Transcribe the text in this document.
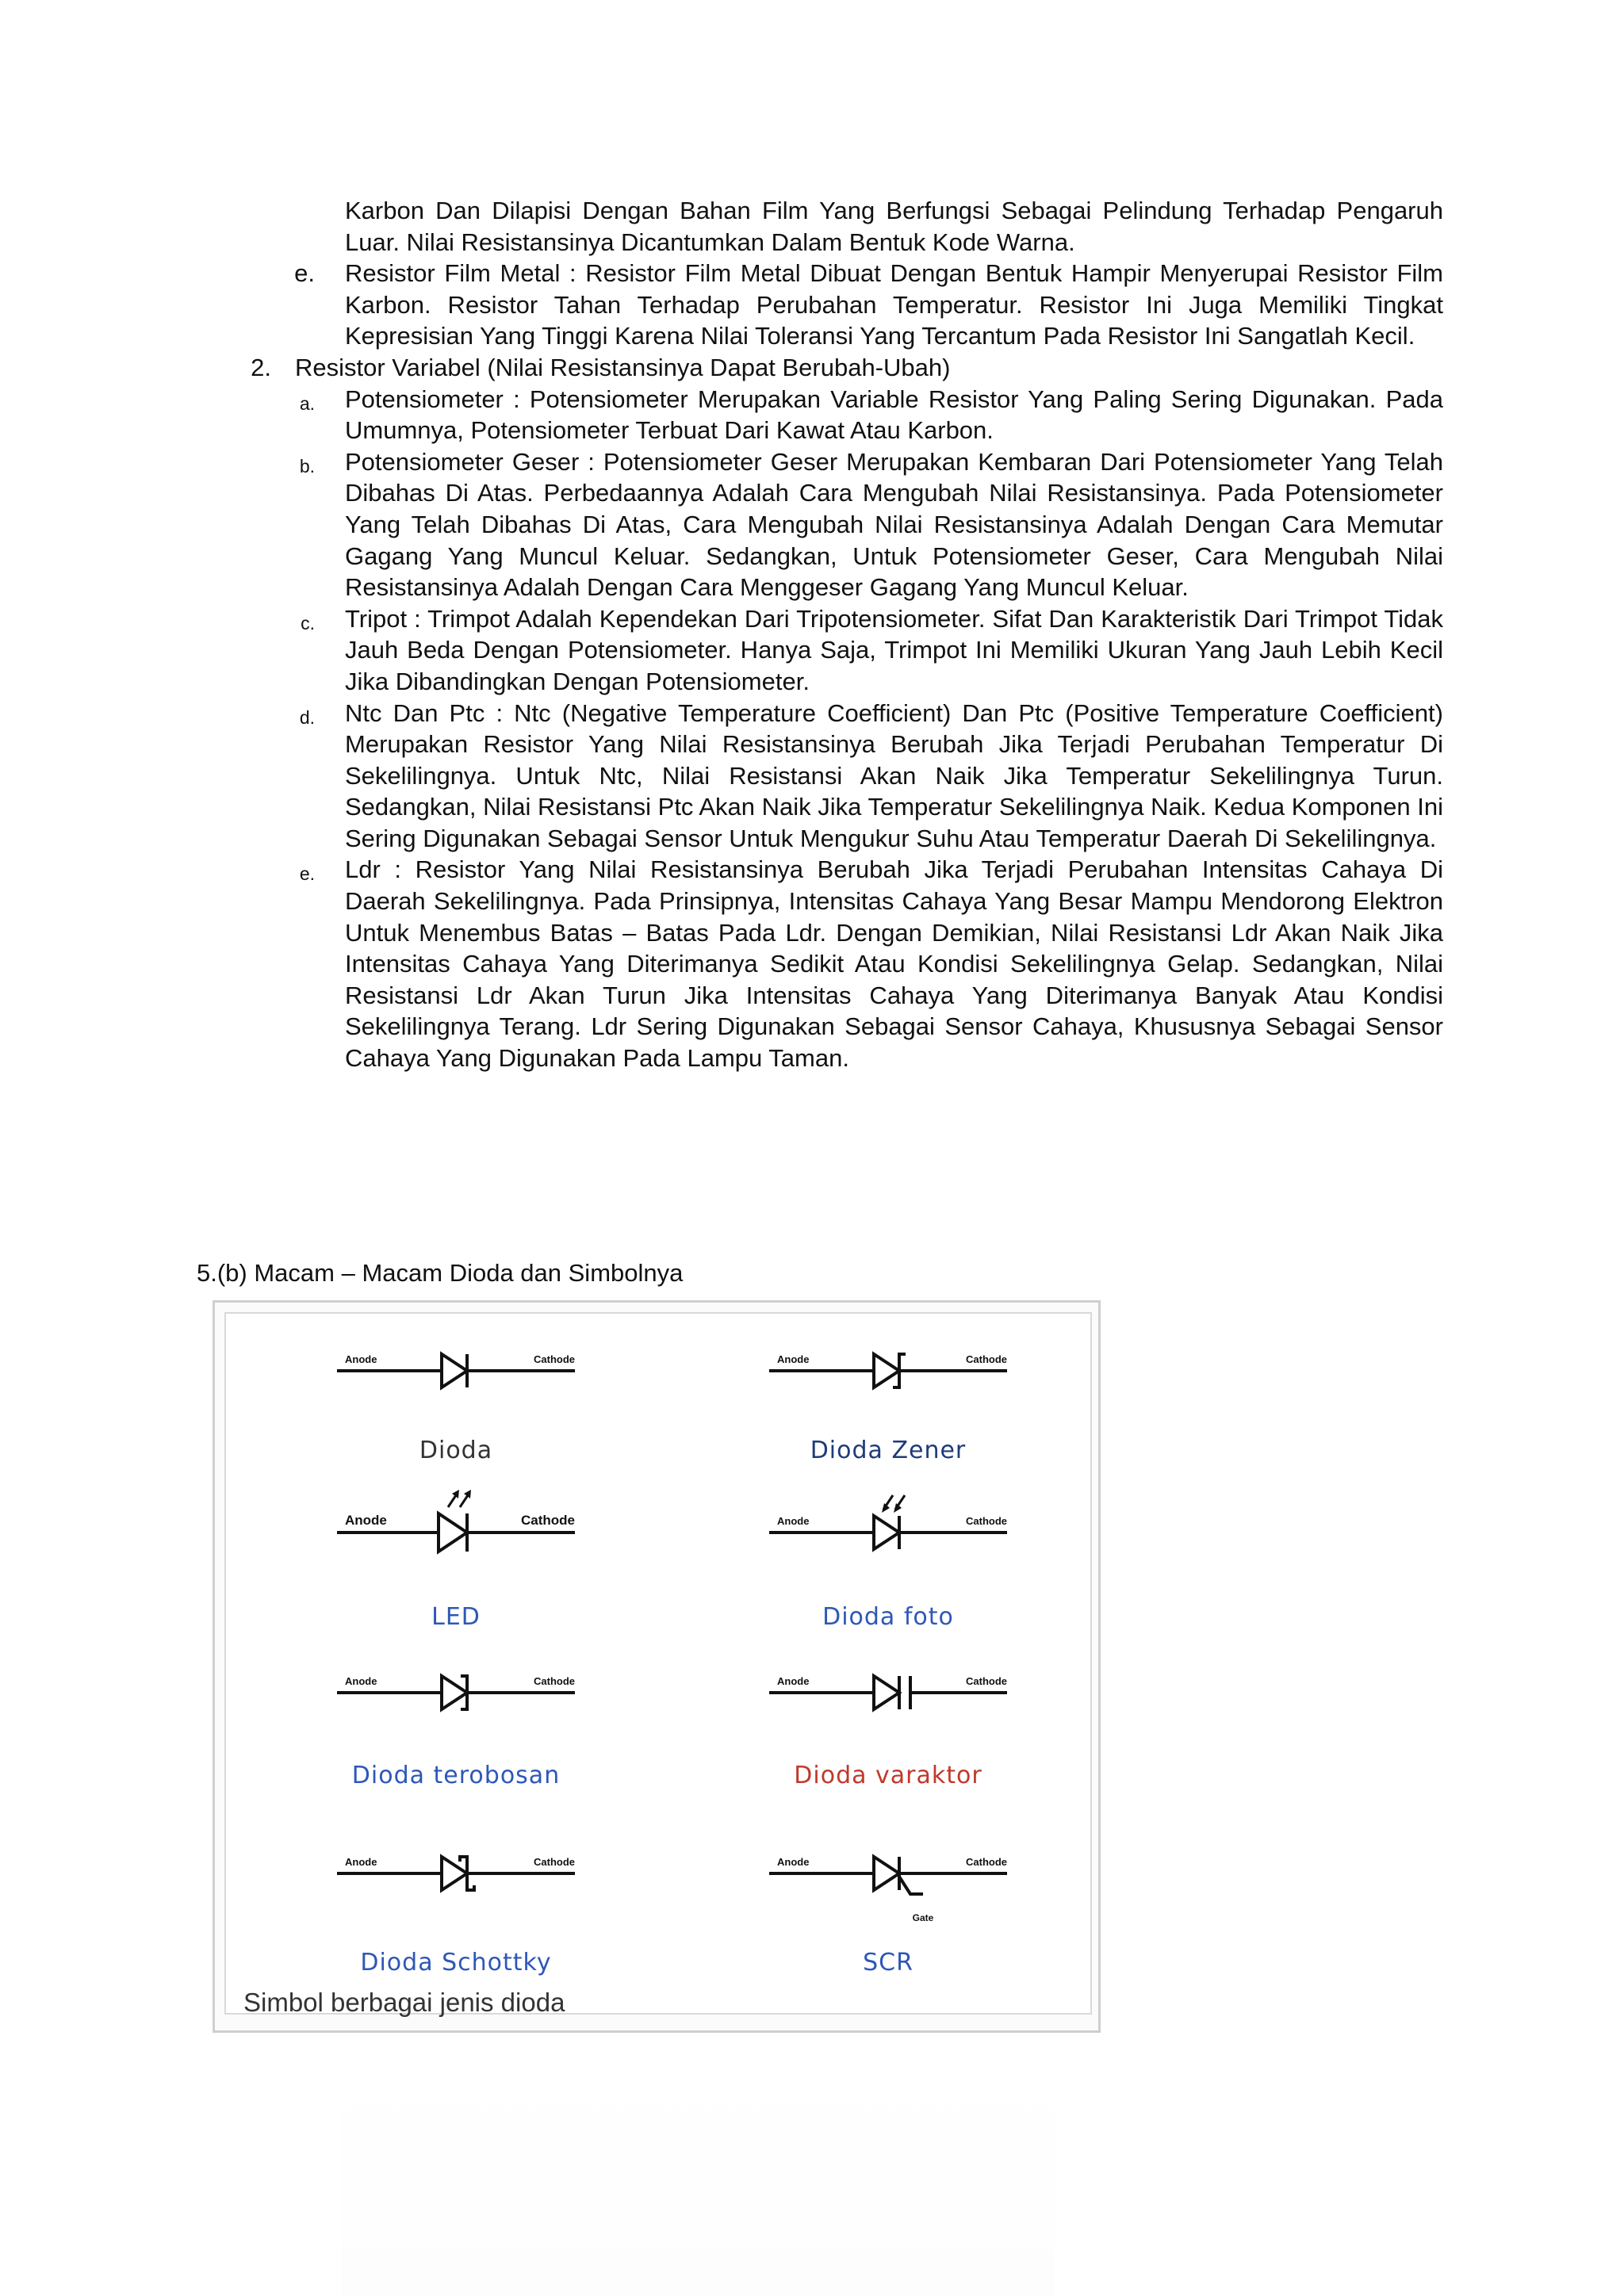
Karbon Dan Dilapisi Dengan Bahan Film Yang Berfungsi Sebagai Pelindung Terhadap Pengaruh Luar. Nilai Resistansinya Dicantumkan Dalam Bentuk Kode Warna.
e.	Resistor Film Metal : Resistor Film Metal Dibuat Dengan Bentuk Hampir Menyerupai Resistor Film Karbon. Resistor Tahan Terhadap Perubahan Temperatur. Resistor Ini Juga Memiliki Tingkat Kepresisian Yang Tinggi Karena Nilai Toleransi Yang Tercantum Pada Resistor Ini Sangatlah Kecil.
2. Resistor Variabel (Nilai Resistansinya Dapat Berubah-Ubah)
a.	Potensiometer : Potensiometer Merupakan Variable Resistor Yang Paling Sering Digunakan. Pada Umumnya, Potensiometer Terbuat Dari Kawat Atau Karbon.
b.	Potensiometer Geser : Potensiometer Geser Merupakan Kembaran Dari Potensiometer Yang Telah Dibahas Di Atas. Perbedaannya Adalah Cara Mengubah Nilai Resistansinya. Pada Potensiometer Yang Telah Dibahas Di Atas, Cara Mengubah Nilai Resistansinya Adalah Dengan Cara Memutar Gagang Yang Muncul Keluar. Sedangkan, Untuk Potensiometer Geser, Cara Mengubah Nilai Resistansinya Adalah Dengan Cara Menggeser Gagang Yang Muncul Keluar.
c.	Tripot : Trimpot Adalah Kependekan Dari Tripotensiometer. Sifat Dan Karakteristik Dari Trimpot Tidak Jauh Beda Dengan Potensiometer. Hanya Saja, Trimpot Ini Memiliki Ukuran Yang Jauh Lebih Kecil Jika Dibandingkan Dengan Potensiometer.
d.	Ntc Dan Ptc : Ntc (Negative Temperature Coefficient) Dan Ptc (Positive Temperature Coefficient) Merupakan Resistor Yang Nilai Resistansinya Berubah Jika Terjadi Perubahan Temperatur Di Sekelilingnya. Untuk Ntc, Nilai Resistansi Akan Naik Jika Temperatur Sekelilingnya Turun. Sedangkan, Nilai Resistansi Ptc Akan Naik Jika Temperatur Sekelilingnya Naik. Kedua Komponen Ini Sering Digunakan Sebagai Sensor Untuk Mengukur Suhu Atau Temperatur Daerah Di Sekelilingnya.
e.	Ldr : Resistor Yang Nilai Resistansinya Berubah Jika Terjadi Perubahan Intensitas Cahaya Di Daerah Sekelilingnya. Pada Prinsipnya, Intensitas Cahaya Yang Besar Mampu Mendorong Elektron Untuk Menembus Batas – Batas Pada Ldr. Dengan Demikian, Nilai Resistansi Ldr Akan Naik Jika Intensitas Cahaya Yang Diterimanya Sedikit Atau Kondisi Sekelilingnya Gelap. Sedangkan, Nilai Resistansi Ldr Akan Turun Jika Intensitas Cahaya Yang Diterimanya Banyak Atau Kondisi Sekelilingnya Terang. Ldr Sering Digunakan Sebagai Sensor Cahaya, Khususnya Sebagai Sensor Cahaya Yang Digunakan Pada Lampu Taman.
5.(b) Macam – Macam Dioda dan Simbolnya
Anode	Cathode
Dioda
Anode	Cathode
Dioda Zener
Anode	Cathode
LED
Anode	Cathode
Dioda foto
Anode	Cathode
Dioda terobosan
Anode	Cathode
Dioda varaktor
Anode	Cathode
Dioda Schottky
Gate
Anode	Cathode
SCR
Simbol berbagai jenis dioda
